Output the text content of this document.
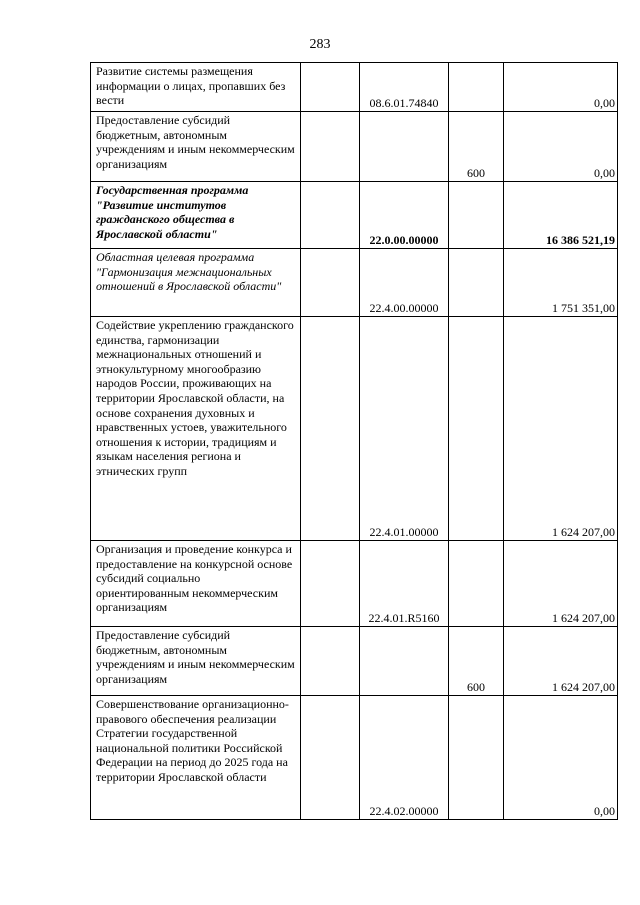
283
Развитие системы размещения информации о лицах, пропавших без вести		08.6.01.74840		0,00

Предоставление субсидий бюджетным, автономным учреждениям и иным некоммерческим организациям			600	0,00

Государственная программа "Развитие институтов гражданского общества в Ярославской области"		22.0.00.00000		16 386 521,19

Областная целевая программа "Гармонизация межнациональных отношений в Ярославской области"		22.4.00.00000		1 751 351,00

Содействие укреплению гражданского единства, гармонизации межнациональных отношений и этнокультурному многообразию народов России, проживающих на территории Ярославской области, на основе сохранения духовных и нравственных устоев, уважительного отношения к истории, традициям и языкам населения региона и этнических групп		22.4.01.00000		1 624 207,00

Организация и проведение конкурса и предоставление на конкурсной основе субсидий социально ориентированным некоммерческим организациям		22.4.01.R5160		1 624 207,00

Предоставление субсидий бюджетным, автономным учреждениям и иным некоммерческим организациям			600	1 624 207,00

Совершенствование организационно-правового обеспечения реализации Стратегии государственной национальной политики Российской Федерации на период до 2025 года на территории Ярославской области		22.4.02.00000		0,00
